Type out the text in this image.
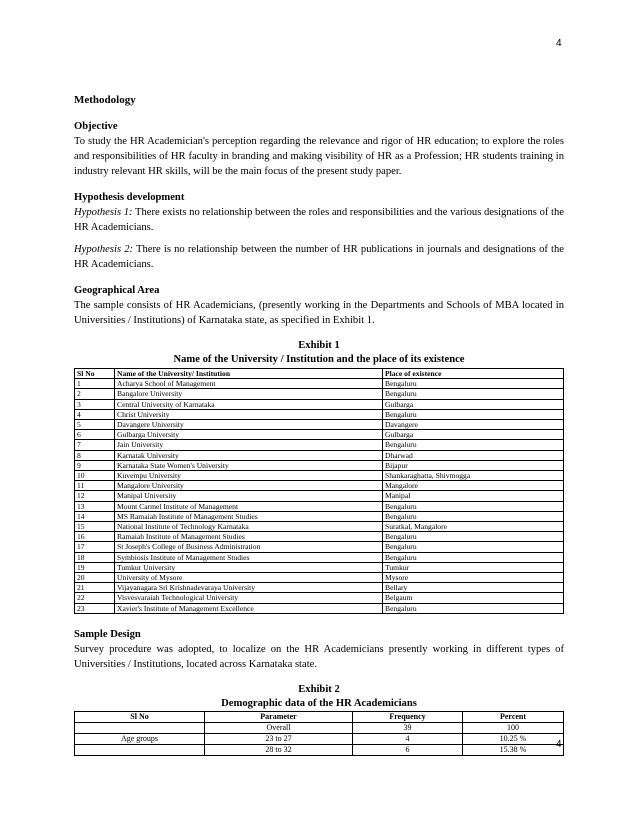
4
Methodology
Objective

To study the HR Academician's perception regarding the relevance and rigor of HR education; to explore the roles and responsibilities of HR faculty in branding and making visibility of HR as a Profession; HR students training in industry relevant HR skills, will be the main focus of the present study paper.

Hypothesis development

Hypothesis 1: There exists no relationship between the roles and responsibilities and the various designations of the HR Academicians.

Hypothesis 2: There is no relationship between the number of HR publications in journals and designations of the HR Academicians.

Geographical Area

The sample consists of HR Academicians, (presently working in the Departments and Schools of MBA located in Universities / Institutions) of Karnataka state, as specified in Exhibit 1.

Exhibit 1
Name of the University / Institution and the place of its existence
Sl No	Name of the University/ Institution	Place of existence
1	Acharya School of Management	Bengaluru
2	Bangalore University	Bengaluru
3	Central University of Karnataka	Gulbarga
4	Christ University	Bengaluru
5	Davangere University	Davangere
6	Gulbarga University	Gulbarga
7	Jain University	Bengaluru
8	Karnatak University	Dharwad
9	Karnataka State Women's University	Bijapur
10	Kuvempu University	Shankaraghatta, Shivmogga
11	Mangalore University	Mangalore
12	Manipal University	Manipal
13	Mount Carmel Institute of Management	Bengaluru
14	MS Ramaiah Institute of Management Studies	Bengaluru
15	National Institute of Technology Karnataka	Suratkal, Mangalore
16	Ramaiah Institute of Management Studies	Bengaluru
17	St Joseph's College of Business Administration	Bengaluru
18	Symbiosis Institute of Management Studies	Bengaluru
19	Tumkur University	Tumkur
20	University of Mysore	Mysore
21	Vijayanagara Sri Krishnadevaraya University	Bellary
22	Visvesvaraiah Technological University	Belgaum
23	Xavier's Institute of Management Excellence	Bengaluru
Sample Design

Survey procedure was adopted, to localize on the HR Academicians presently working in different types of Universities / Institutions, located across Karnataka state.

Exhibit 2
Demographic data of the HR Academicians
Sl No	Parameter	Frequency	Percent
	Overall	39	100
Age groups	23 to 27	4	10.25 %
	28 to 32	6	15.38 %	4
